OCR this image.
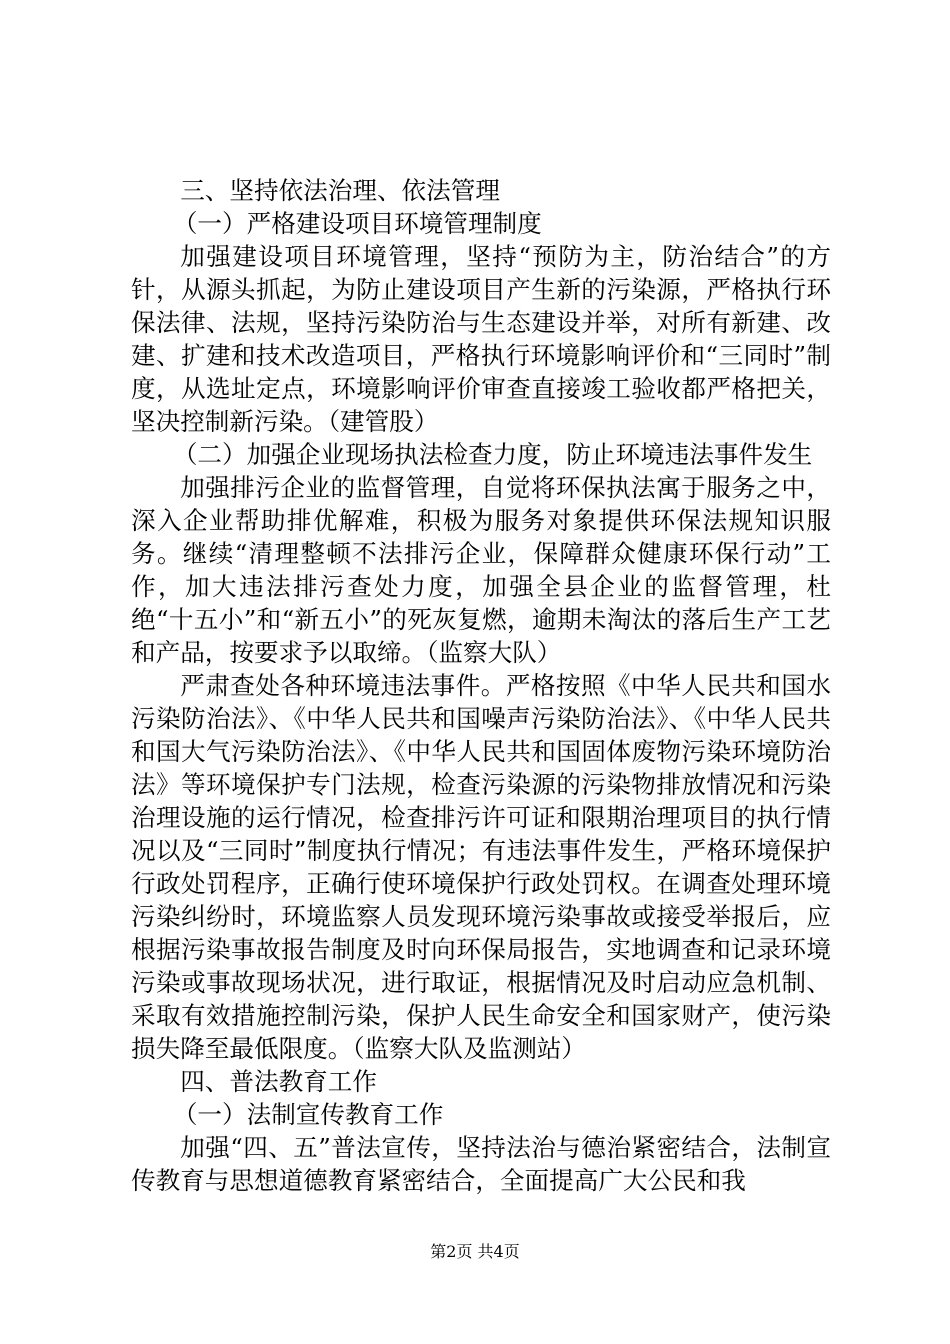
三、坚持依法治理、依法管理

（一）严格建设项目环境管理制度

加强建设项目环境管理，坚持“预防为主，防治结合”的方针，从源头抓起，为防止建设项目产生新的污染源，严格执行环保法律、法规，坚持污染防治与生态建设并举，对所有新建、改建、扩建和技术改造项目，严格执行环境影响评价和“三同时”制度，从选址定点，环境影响评价审查直接竣工验收都严格把关，坚决控制新污染。（建管股）

（二）加强企业现场执法检查力度，防止环境违法事件发生

加强排污企业的监督管理，自觉将环保执法寓于服务之中，深入企业帮助排优解难，积极为服务对象提供环保法规知识服务。继续“清理整顿不法排污企业，保障群众健康环保行动”工作，加大违法排污查处力度，加强全县企业的监督管理，杜绝“十五小”和“新五小”的死灰复燃，逾期未淘汰的落后生产工艺和产品，按要求予以取缔。（监察大队）

严肃查处各种环境违法事件。严格按照《中华人民共和国水污染防治法》、《中华人民共和国噪声污染防治法》、《中华人民共和国大气污染防治法》、《中华人民共和国固体废物污染环境防治法》等环境保护专门法规，检查污染源的污染物排放情况和污染治理设施的运行情况，检查排污许可证和限期治理项目的执行情况以及“三同时”制度执行情况；有违法事件发生，严格环境保护行政处罚程序，正确行使环境保护行政处罚权。在调查处理环境污染纠纷时，环境监察人员发现环境污染事故或接受举报后，应根据污染事故报告制度及时向环保局报告，实地调查和记录环境污染或事故现场状况，进行取证，根据情况及时启动应急机制、采取有效措施控制污染，保护人民生命安全和国家财产，使污染损失降至最低限度。（监察大队及监测站）

四、普法教育工作

（一）法制宣传教育工作

加强“四、五”普法宣传，坚持法治与德治紧密结合，法制宣传教育与思想道德教育紧密结合，全面提高广大公民和我

第2页 共4页
